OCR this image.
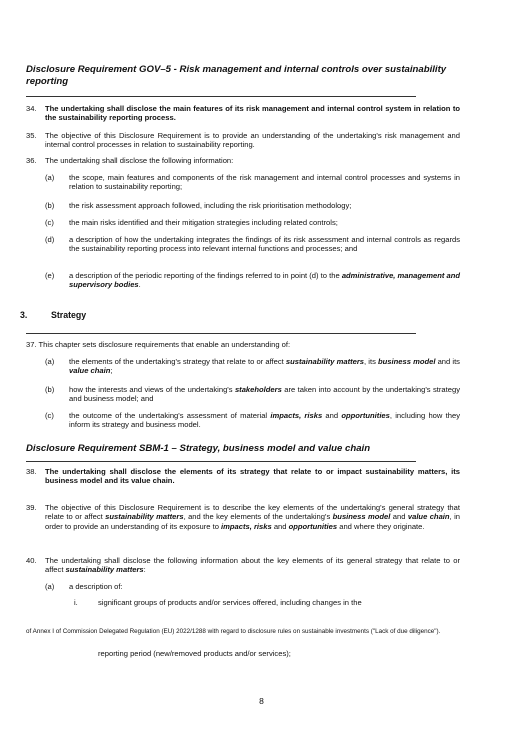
Disclosure Requirement GOV–5 - Risk management and internal controls over sustainability reporting
34. The undertaking shall disclose the main features of its risk management and internal control system in relation to the sustainability reporting process.
35. The objective of this Disclosure Requirement is to provide an understanding of the undertaking's risk management and internal control processes in relation to sustainability reporting.
36. The undertaking shall disclose the following information:
(a) the scope, main features and components of the risk management and internal control processes and systems in relation to sustainability reporting;
(b) the risk assessment approach followed, including the risk prioritisation methodology;
(c) the main risks identified and their mitigation strategies including related controls;
(d) a description of how the undertaking integrates the findings of its risk assessment and internal controls as regards the sustainability reporting process into relevant internal functions and processes; and
(e) a description of the periodic reporting of the findings referred to in point (d) to the administrative, management and supervisory bodies.
3.	Strategy
37. This chapter sets disclosure requirements that enable an understanding of:
(a) the elements of the undertaking's strategy that relate to or affect sustainability matters, its business model and its value chain;
(b) how the interests and views of the undertaking's stakeholders are taken into account by the undertaking's strategy and business model; and
(c) the outcome of the undertaking's assessment of material impacts, risks and opportunities, including how they inform its strategy and business model.
Disclosure Requirement SBM-1 – Strategy, business model and value chain
38. The undertaking shall disclose the elements of its strategy that relate to or impact sustainability matters, its business model and its value chain.
39. The objective of this Disclosure Requirement is to describe the key elements of the undertaking's general strategy that relate to or affect sustainability matters, and the key elements of the undertaking's business model and value chain, in order to provide an understanding of its exposure to impacts, risks and opportunities and where they originate.
40. The undertaking shall disclose the following information about the key elements of its general strategy that relate to or affect sustainability matters:
(a) a description of:
i.	significant groups of products and/or services offered, including changes in the
of Annex I of Commission Delegated Regulation (EU) 2022/1288 with regard to disclosure rules on sustainable investments ("Lack of due diligence").
reporting period (new/removed products and/or services);
8
